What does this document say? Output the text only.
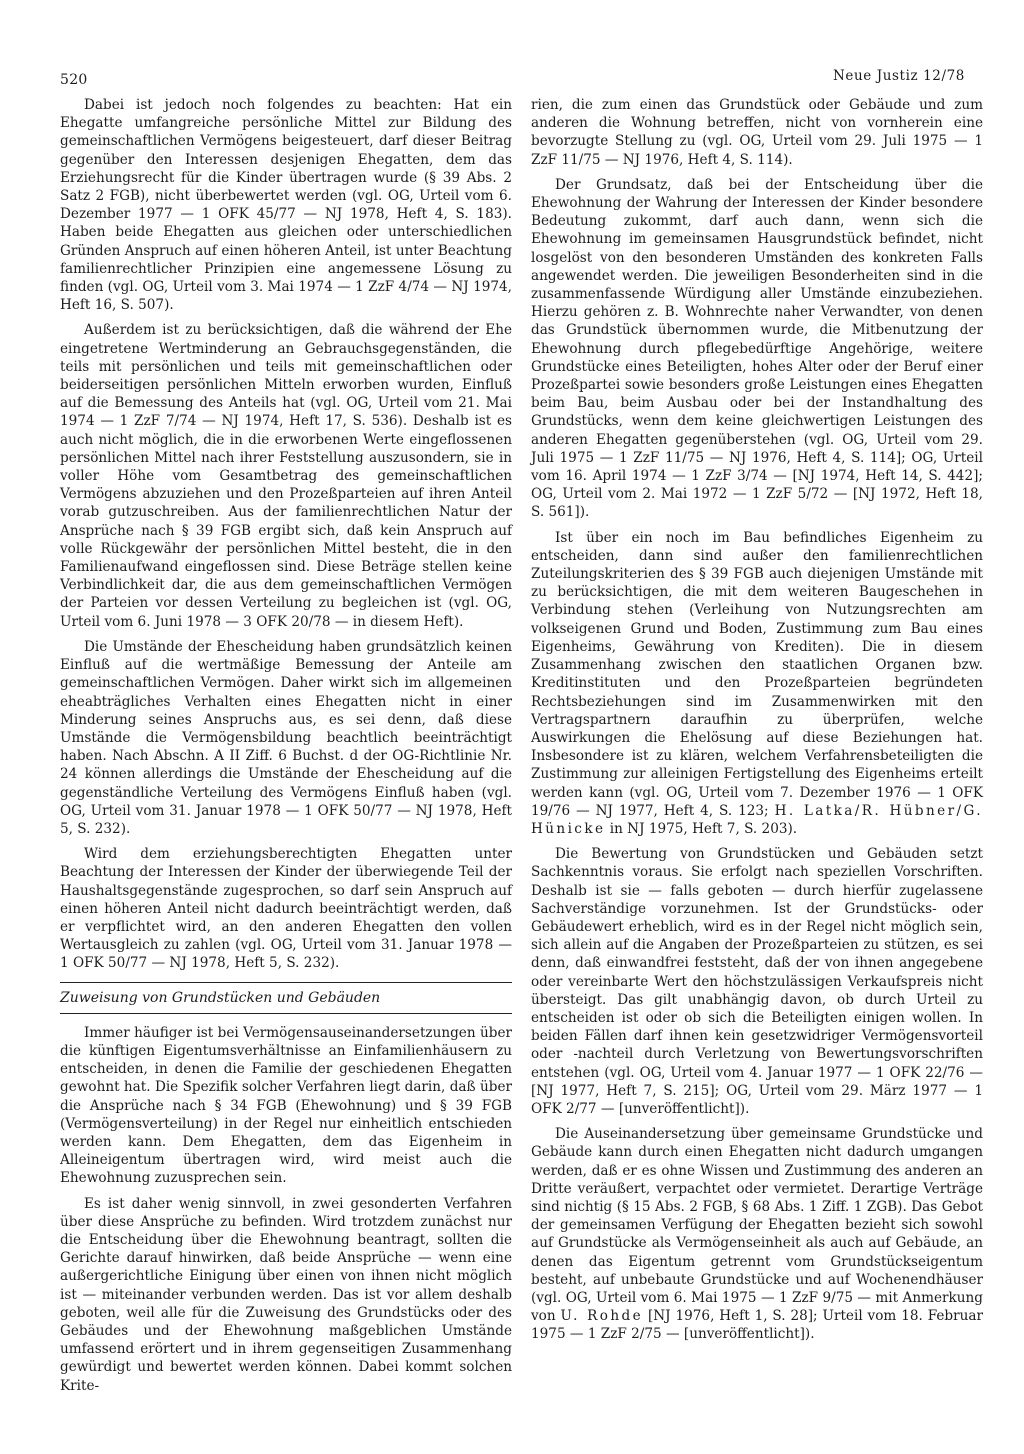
520	Neue Justiz 12/78

Dabei ist jedoch noch folgendes zu beachten: Hat ein Ehegatte umfangreiche persönliche Mittel zur Bildung des gemeinschaftlichen Vermögens beigesteuert, darf dieser Beitrag gegenüber den Interessen desjenigen Ehegatten, dem das Erziehungsrecht für die Kinder übertragen wurde (§ 39 Abs. 2 Satz 2 FGB), nicht überbewertet werden (vgl. OG, Urteil vom 6. Dezember 1977 — 1 OFK 45/77 — NJ 1978, Heft 4, S. 183). Haben beide Ehegatten aus gleichen oder unterschiedlichen Gründen Anspruch auf einen höheren Anteil, ist unter Beachtung familienrechtlicher Prinzipien eine angemessene Lösung zu finden (vgl. OG, Urteil vom 3. Mai 1974 — 1 ZzF 4/74 — NJ 1974, Heft 16, S. 507).

Außerdem ist zu berücksichtigen, daß die während der Ehe eingetretene Wertminderung an Gebrauchsgegenständen, die teils mit persönlichen und teils mit gemeinschaftlichen oder beiderseitigen persönlichen Mitteln erworben wurden, Einfluß auf die Bemessung des Anteils hat (vgl. OG, Urteil vom 21. Mai 1974 — 1 ZzF 7/74 — NJ 1974, Heft 17, S. 536). Deshalb ist es auch nicht möglich, die in die erworbenen Werte eingeflossenen persönlichen Mittel nach ihrer Feststellung auszusondern, sie in voller Höhe vom Gesamtbetrag des gemeinschaftlichen Vermögens abzuziehen und den Prozeßparteien auf ihren Anteil vorab gutzuschreiben. Aus der familienrechtlichen Natur der Ansprüche nach § 39 FGB ergibt sich, daß kein Anspruch auf volle Rückgewähr der persönlichen Mittel besteht, die in den Familienaufwand eingeflossen sind. Diese Beträge stellen keine Verbindlichkeit dar, die aus dem gemeinschaftlichen Vermögen der Parteien vor dessen Verteilung zu begleichen ist (vgl. OG, Urteil vom 6. Juni 1978 — 3 OFK 20/78 — in diesem Heft).

Die Umstände der Ehescheidung haben grundsätzlich keinen Einfluß auf die wertmäßige Bemessung der Anteile am gemeinschaftlichen Vermögen. Daher wirkt sich im allgemeinen eheabträgliches Verhalten eines Ehegatten nicht in einer Minderung seines Anspruchs aus, es sei denn, daß diese Umstände die Vermögensbildung beachtlich beeinträchtigt haben. Nach Abschn. A II Ziff. 6 Buchst. d der OG-Richtlinie Nr. 24 können allerdings die Umstände der Ehescheidung auf die gegenständliche Verteilung des Vermögens Einfluß haben (vgl. OG, Urteil vom 31. Januar 1978 — 1 OFK 50/77 — NJ 1978, Heft 5, S. 232).

Wird dem erziehungsberechtigten Ehegatten unter Beachtung der Interessen der Kinder der überwiegende Teil der Haushaltsgegenstände zugesprochen, so darf sein Anspruch auf einen höheren Anteil nicht dadurch beeinträchtigt werden, daß er verpflichtet wird, an den anderen Ehegatten den vollen Wertausgleich zu zahlen (vgl. OG, Urteil vom 31. Januar 1978 — 1 OFK 50/77 — NJ 1978, Heft 5, S. 232).

Zuweisung von Grundstücken und Gebäuden

Immer häufiger ist bei Vermögensauseinandersetzungen über die künftigen Eigentumsverhältnisse an Einfamilienhäusern zu entscheiden, in denen die Familie der geschiedenen Ehegatten gewohnt hat. Die Spezifik solcher Verfahren liegt darin, daß über die Ansprüche nach § 34 FGB (Ehewohnung) und § 39 FGB (Vermögensverteilung) in der Regel nur einheitlich entschieden werden kann. Dem Ehegatten, dem das Eigenheim in Alleineigentum übertragen wird, wird meist auch die Ehewohnung zuzusprechen sein.

Es ist daher wenig sinnvoll, in zwei gesonderten Verfahren über diese Ansprüche zu befinden. Wird trotzdem zunächst nur die Entscheidung über die Ehewohnung beantragt, sollten die Gerichte darauf hinwirken, daß beide Ansprüche — wenn eine außergerichtliche Einigung über einen von ihnen nicht möglich ist — miteinander verbunden werden. Das ist vor allem deshalb geboten, weil alle für die Zuweisung des Grundstücks oder des Gebäudes und der Ehewohnung maßgeblichen Umstände umfassend erörtert und in ihrem gegenseitigen Zusammenhang gewürdigt und bewertet werden können. Dabei kommt solchen Krite-

rien, die zum einen das Grundstück oder Gebäude und zum anderen die Wohnung betreffen, nicht von vornherein eine bevorzugte Stellung zu (vgl. OG, Urteil vom 29. Juli 1975 — 1 ZzF 11/75 — NJ 1976, Heft 4, S. 114).

Der Grundsatz, daß bei der Entscheidung über die Ehewohnung der Wahrung der Interessen der Kinder besondere Bedeutung zukommt, darf auch dann, wenn sich die Ehewohnung im gemeinsamen Hausgrundstück befindet, nicht losgelöst von den besonderen Umständen des konkreten Falls angewendet werden. Die jeweiligen Besonderheiten sind in die zusammenfassende Würdigung aller Umstände einzubeziehen. Hierzu gehören z. B. Wohnrechte naher Verwandter, von denen das Grundstück übernommen wurde, die Mitbenutzung der Ehewohnung durch pflegebedürftige Angehörige, weitere Grundstücke eines Beteiligten, hohes Alter oder der Beruf einer Prozeßpartei sowie besonders große Leistungen eines Ehegatten beim Bau, beim Ausbau oder bei der Instandhaltung des Grundstücks, wenn dem keine gleichwertigen Leistungen des anderen Ehegatten gegenüberstehen (vgl. OG, Urteil vom 29. Juli 1975 — 1 ZzF 11/75 — NJ 1976, Heft 4, S. 114]; OG, Urteil vom 16. April 1974 — 1 ZzF 3/74 — [NJ 1974, Heft 14, S. 442]; OG, Urteil vom 2. Mai 1972 — 1 ZzF 5/72 — [NJ 1972, Heft 18, S. 561]).

Ist über ein noch im Bau befindliches Eigenheim zu entscheiden, dann sind außer den familienrechtlichen Zuteilungskriterien des § 39 FGB auch diejenigen Umstände mit zu berücksichtigen, die mit dem weiteren Baugeschehen in Verbindung stehen (Verleihung von Nutzungsrechten am volkseigenen Grund und Boden, Zustimmung zum Bau eines Eigenheims, Gewährung von Krediten). Die in diesem Zusammenhang zwischen den staatlichen Organen bzw. Kreditinstituten und den Prozeßparteien begründeten Rechtsbeziehungen sind im Zusammenwirken mit den Vertragspartnern daraufhin zu überprüfen, welche Auswirkungen die Ehelösung auf diese Beziehungen hat. Insbesondere ist zu klären, welchem Verfahrensbeteiligten die Zustimmung zur alleinigen Fertigstellung des Eigenheims erteilt werden kann (vgl. OG, Urteil vom 7. Dezember 1976 — 1 OFK 19/76 — NJ 1977, Heft 4, S. 123; H. Latka/R. Hübner/G. Hünicke in NJ 1975, Heft 7, S. 203).

Die Bewertung von Grundstücken und Gebäuden setzt Sachkenntnis voraus. Sie erfolgt nach speziellen Vorschriften. Deshalb ist sie — falls geboten — durch hierfür zugelassene Sachverständige vorzunehmen. Ist der Grundstücks- oder Gebäudewert erheblich, wird es in der Regel nicht möglich sein, sich allein auf die Angaben der Prozeßparteien zu stützen, es sei denn, daß einwandfrei feststeht, daß der von ihnen angegebene oder vereinbarte Wert den höchstzulässigen Verkaufspreis nicht übersteigt. Das gilt unabhängig davon, ob durch Urteil zu entscheiden ist oder ob sich die Beteiligten einigen wollen. In beiden Fällen darf ihnen kein gesetzwidriger Vermögensvorteil oder -nachteil durch Verletzung von Bewertungsvorschriften entstehen (vgl. OG, Urteil vom 4. Januar 1977 — 1 OFK 22/76 — [NJ 1977, Heft 7, S. 215]; OG, Urteil vom 29. März 1977 — 1 OFK 2/77 — [unveröffentlicht]).

Die Auseinandersetzung über gemeinsame Grundstücke und Gebäude kann durch einen Ehegatten nicht dadurch umgangen werden, daß er es ohne Wissen und Zustimmung des anderen an Dritte veräußert, verpachtet oder vermietet. Derartige Verträge sind nichtig (§ 15 Abs. 2 FGB, § 68 Abs. 1 Ziff. 1 ZGB). Das Gebot der gemeinsamen Verfügung der Ehegatten bezieht sich sowohl auf Grundstücke als Vermögenseinheit als auch auf Gebäude, an denen das Eigentum getrennt vom Grundstückseigentum besteht, auf unbebaute Grundstücke und auf Wochenendhäuser (vgl. OG, Urteil vom 6. Mai 1975 — 1 ZzF 9/75 — mit Anmerkung von U. Rohde [NJ 1976, Heft 1, S. 28]; Urteil vom 18. Februar 1975 — 1 ZzF 2/75 — [unveröffentlicht]).
